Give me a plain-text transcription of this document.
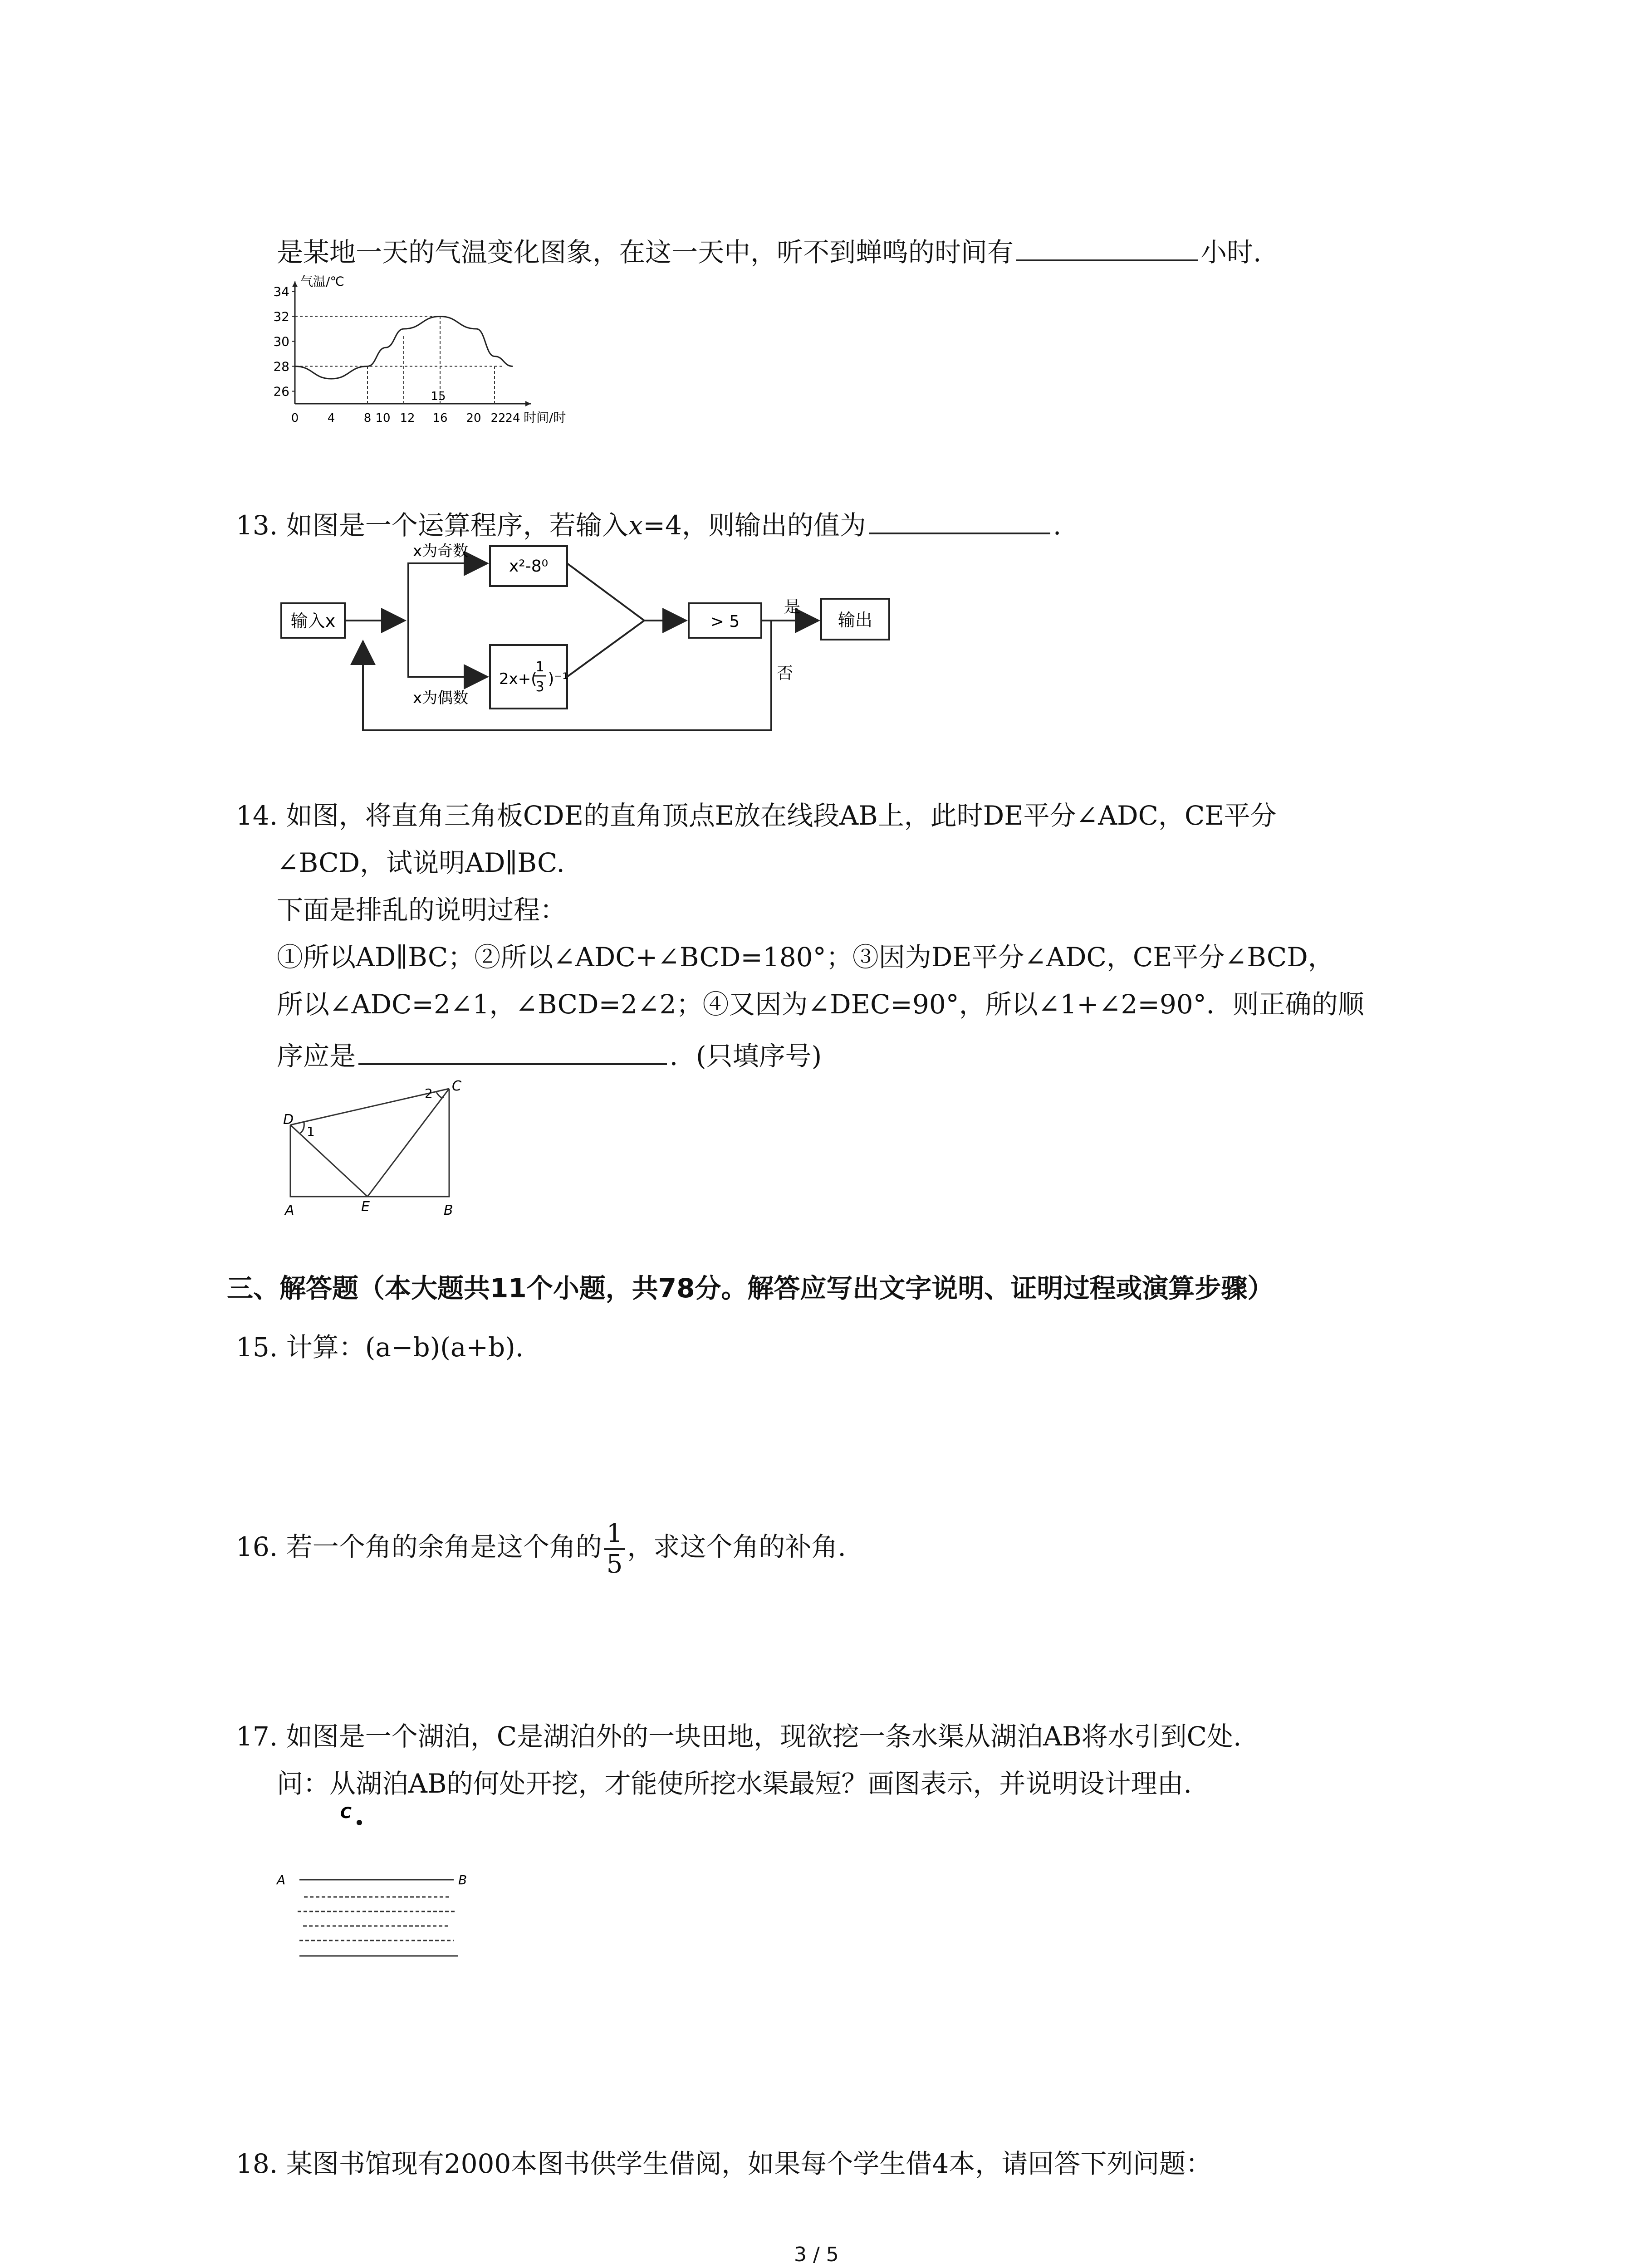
是某地一天的气温变化图象，在这一天中，听不到蝉鸣的时间有	小时.
34
32
30
28
26
0 4 8 10 12 16 20 22
24
气温/℃
时间/时
15
13. 如图是一个运算程序，若输入x=4，则输出的值为	.
输入x
x为奇数
x为偶数
x²-8⁰
2x+(
1
3 )⁻¹
> 5
是
否
输出
14. 如图，将直角三角板CDE的直角顶点E放在线段AB上，此时DE平分∠ADC，CE平分
∠BCD，试说明AD∥BC.
下面是排乱的说明过程：
①所以AD∥BC；②所以∠ADC+∠BCD=180°；③因为DE平分∠ADC，CE平分∠BCD，
所以∠ADC=2∠1，∠BCD=2∠2；④又因为∠DEC=90°，所以∠1+∠2=90°．则正确的顺
序应是	．(只填序号)
D
1
2 C
A	E	B
三、解答题（本大题共11个小题，共78分。解答应写出文字说明、证明过程或演算步骤）
15. 计算：(a−b)(a+b).
16. 若一个角的余角是这个角的 $\frac{1}{5}$ ，求这个角的补角.
17. 如图是一个湖泊，C是湖泊外的一块田地，现欲挖一条水渠从湖泊AB将水引到C处.
问：从湖泊AB的何处开挖，才能使所挖水渠最短？画图表示，并说明设计理由.
C
A	B
18. 某图书馆现有2000本图书供学生借阅，如果每个学生借4本，请回答下列问题：
3 / 5
